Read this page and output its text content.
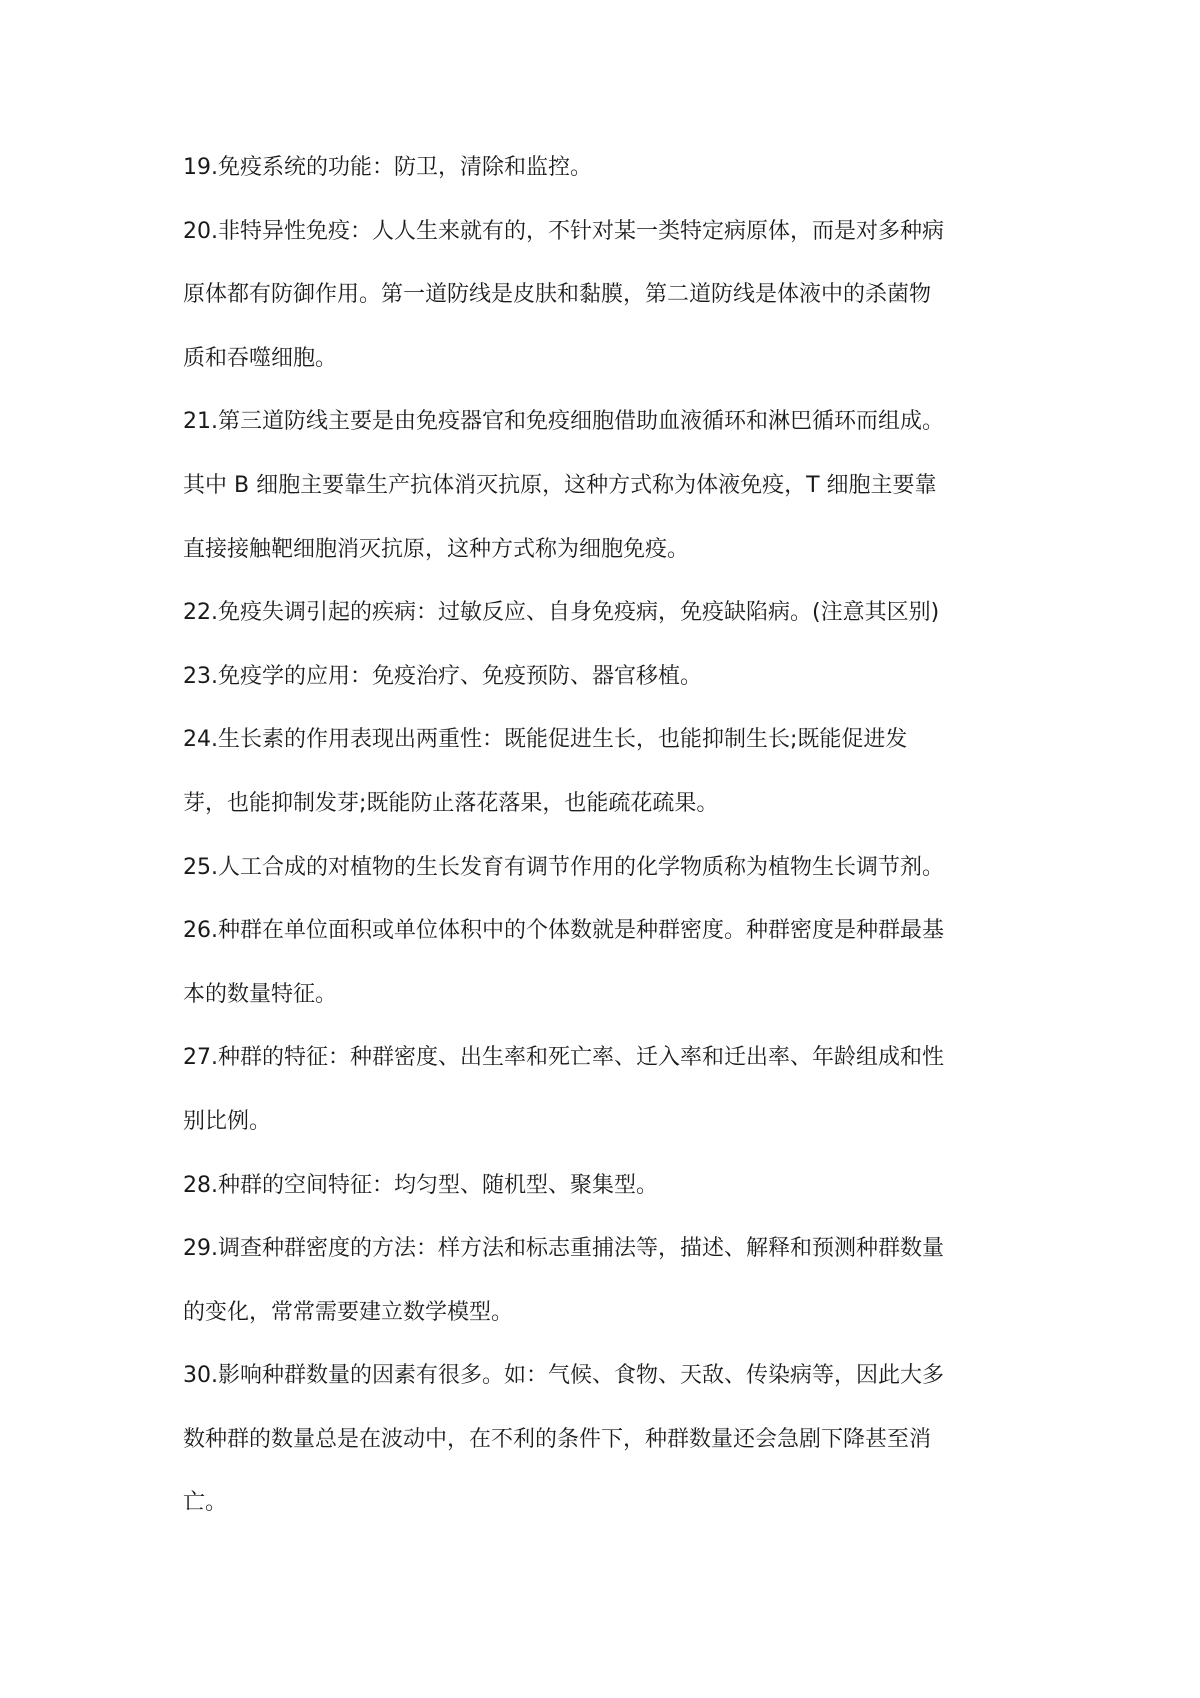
19.免疫系统的功能：防卫，清除和监控。
20.非特异性免疫：人人生来就有的，不针对某一类特定病原体，而是对多种病
原体都有防御作用。第一道防线是皮肤和黏膜，第二道防线是体液中的杀菌物
质和吞噬细胞。
21.第三道防线主要是由免疫器官和免疫细胞借助血液循环和淋巴循环而组成。
其中 B 细胞主要靠生产抗体消灭抗原，这种方式称为体液免疫，T 细胞主要靠
直接接触靶细胞消灭抗原，这种方式称为细胞免疫。
22.免疫失调引起的疾病：过敏反应、自身免疫病，免疫缺陷病。(注意其区别)
23.免疫学的应用：免疫治疗、免疫预防、器官移植。
24.生长素的作用表现出两重性：既能促进生长，也能抑制生长;既能促进发
芽，也能抑制发芽;既能防止落花落果，也能疏花疏果。
25.人工合成的对植物的生长发育有调节作用的化学物质称为植物生长调节剂。
26.种群在单位面积或单位体积中的个体数就是种群密度。种群密度是种群最基
本的数量特征。
27.种群的特征：种群密度、出生率和死亡率、迁入率和迁出率、年龄组成和性
别比例。
28.种群的空间特征：均匀型、随机型、聚集型。
29.调查种群密度的方法：样方法和标志重捕法等，描述、解释和预测种群数量
的变化，常常需要建立数学模型。
30.影响种群数量的因素有很多。如：气候、食物、天敌、传染病等，因此大多
数种群的数量总是在波动中，在不利的条件下，种群数量还会急剧下降甚至消
亡。
